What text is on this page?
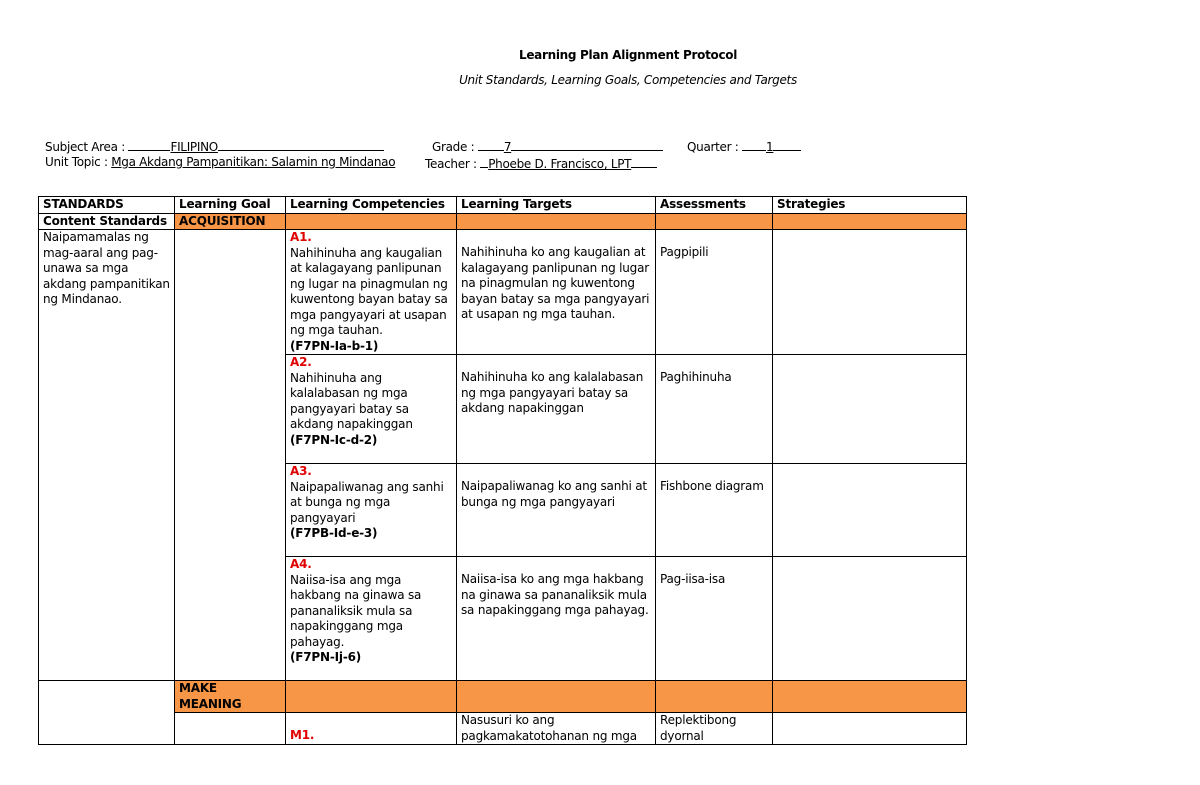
Learning Plan Alignment Protocol
Unit Standards, Learning Goals, Competencies and Targets
Subject Area :	FILIPINO	Grade : 7	Quarter : 1
Unit Topic : Mga Akdang Pampanitikan: Salamin ng Mindanao Teacher : Phoebe D. Francisco, LPT
STANDARDS	Learning Goal	Learning Competencies	Learning Targets	Assessments	Strategies
Content Standards	ACQUISITION				
Naipamamalas ng mag-aaral ang pag-unawa sa mga akdang pampanitikan ng Mindanao.		A1.
Nahihinuha ang kaugalian at kalagayang panlipunan ng lugar na pinagmulan ng kuwentong bayan batay sa mga pangyayari at usapan ng mga tauhan.
(F7PN-Ia-b-1)	Nahihinuha ko ang kaugalian at kalagayang panlipunan ng lugar na pinagmulan ng kuwentong bayan batay sa mga pangyayari at usapan ng mga tauhan.	Pagpipili	

		A2.
Nahihinuha ang kalalabasan ng mga pangyayari batay sa akdang napakinggan
(F7PN-Ic-d-2)	Nahihinuha ko ang kalalabasan ng mga pangyayari batay sa akdang napakinggan	Paghihinuha	

		A3.
Naipapaliwanag ang sanhi at bunga ng mga pangyayari
(F7PB-Id-e-3)	Naipapaliwanag ko ang sanhi at bunga ng mga pangyayari	Fishbone diagram	

		A4.
Naiisa-isa ang mga hakbang na ginawa sa pananaliksik mula sa napakinggang mga pahayag.
(F7PN-Ij-6)	Naiisa-isa ko ang mga hakbang na ginawa sa pananaliksik mula sa napakinggang mga pahayag.	Pag-iisa-isa	
	MAKE MEANING				

		M1.	Nasusuri ko ang pagkamakatotohanan ng mga	Replektibong dyornal	
